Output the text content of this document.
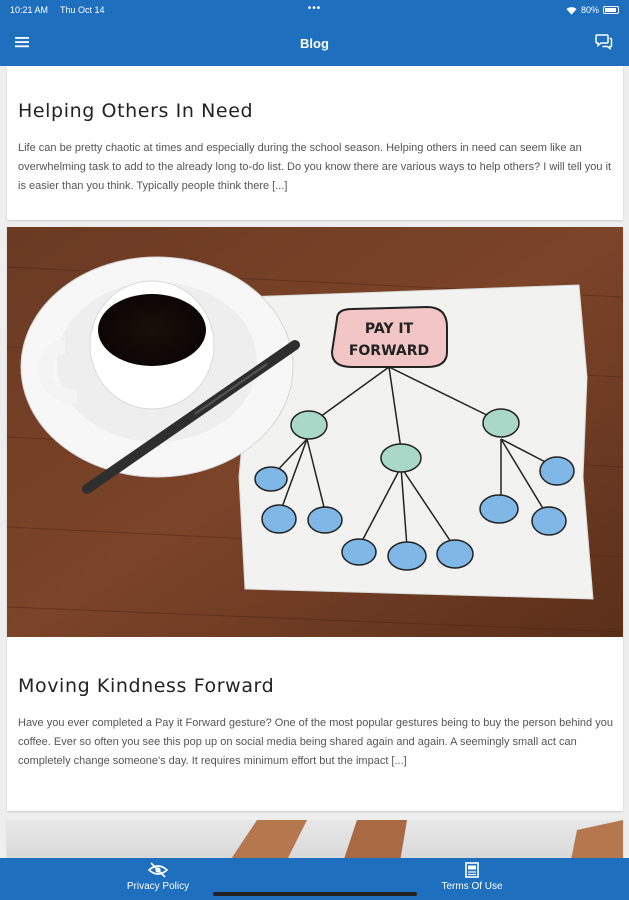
10:21 AM Thu Oct 14	•••	80%
Blog
Helping Others In Need

Life can be pretty chaotic at times and especially during the school season. Helping others in need can seem like an overwhelming task to add to the already long to-do list. Do you know there are various ways to help others? I will tell you it is easier than you think. Typically people think there [...]

PAY IT
FORWARD
Moving Kindness Forward

Have you ever completed a Pay it Forward gesture? One of the most popular gestures being to buy the person behind you coffee. Ever so often you see this pop up on social media being shared again and again. A seemingly small act can completely change someone's day. It requires minimum effort but the impact [...]

Privacy Policy	Terms Of Use
